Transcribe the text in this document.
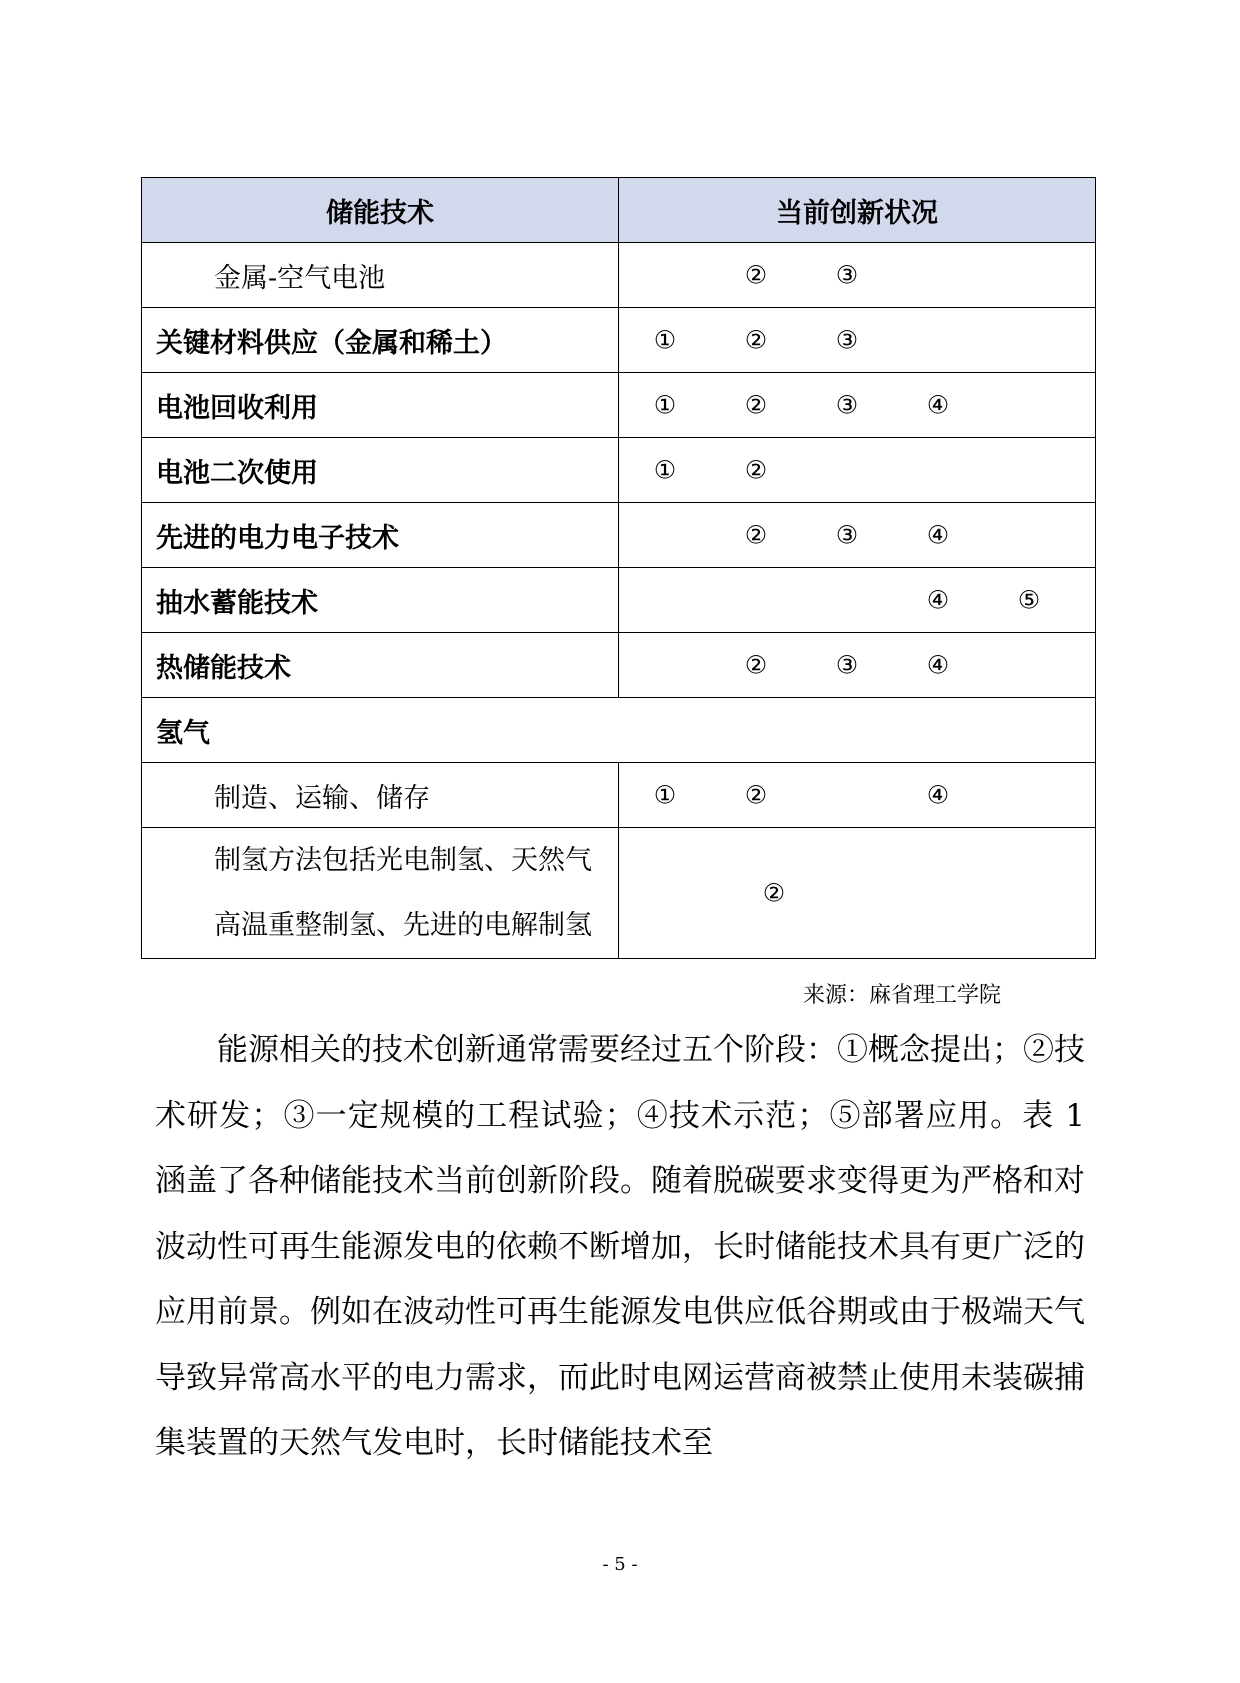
储能技术	当前创新状况
金属-空气电池	② ③

关键材料供应（金属和稀土）	① ② ③

电池回收利用	① ② ③ ④

电池二次使用	① ②

先进的电力电子技术	② ③ ④

抽水蓄能技术	④ ⑤

热储能技术	② ③ ④

氢气	
制造、运输、储存	① ② ④

制氢方法包括光电制氢、天然气
高温重整制氢、先进的电解制氢	②
来源：麻省理工学院

能源相关的技术创新通常需要经过五个阶段：①概念提出；②技术研发；③一定规模的工程试验；④技术示范；⑤部署应用。表 1 涵盖了各种储能技术当前创新阶段。随着脱碳要求变得更为严格和对波动性可再生能源发电的依赖不断增加，长时储能技术具有更广泛的应用前景。例如在波动性可再生能源发电供应低谷期或由于极端天气导致异常高水平的电力需求，而此时电网运营商被禁止使用未装碳捕集装置的天然气发电时，长时储能技术至

- 5 -
